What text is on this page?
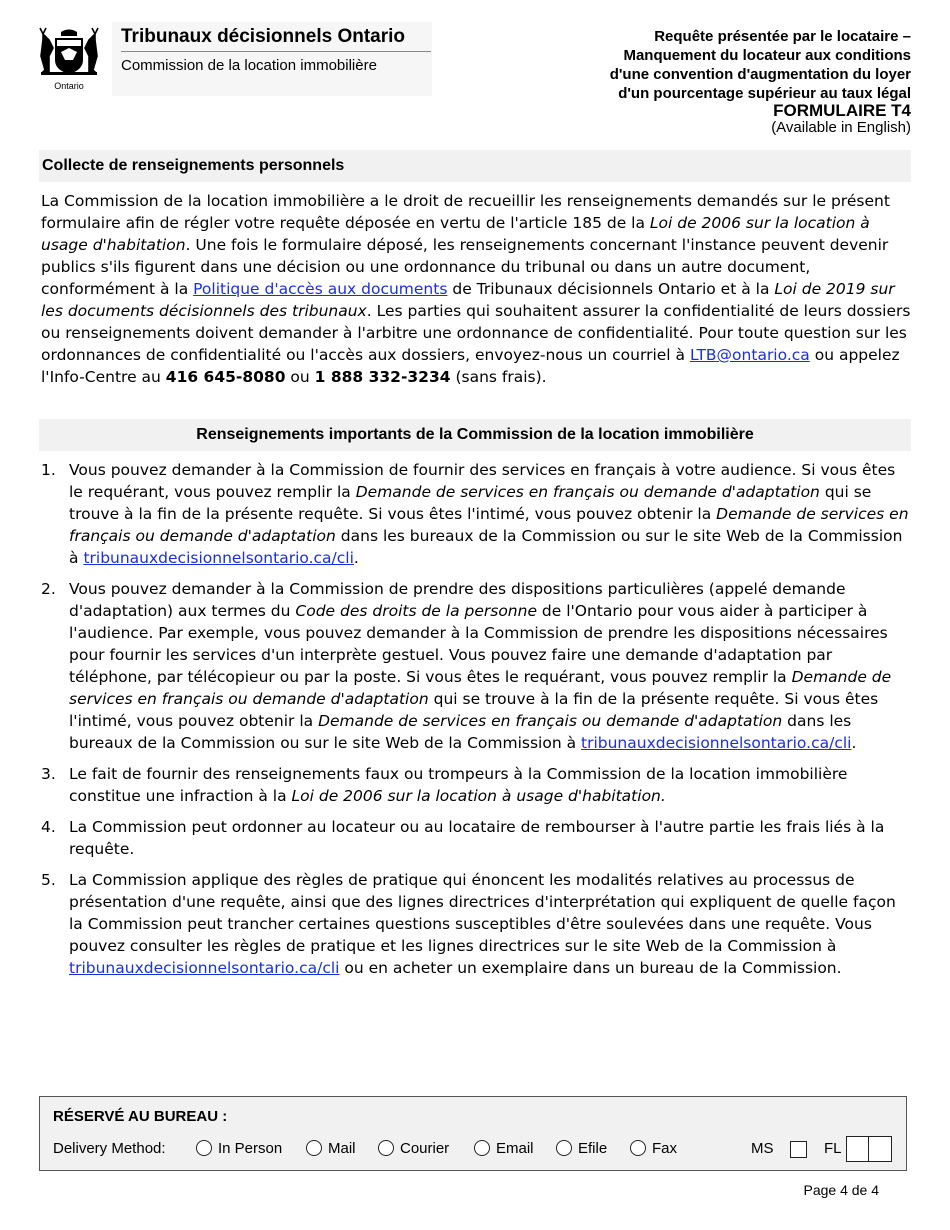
Ontario
Tribunaux décisionnels Ontario
Commission de la location immobilière
Requête présentée par le locataire –
Manquement du locateur aux conditions
d'une convention d'augmentation du loyer
d'un pourcentage supérieur au taux légal
FORMULAIRE T4
(Available in English)
Collecte de renseignements personnels
La Commission de la location immobilière a le droit de recueillir les renseignements demandés sur le présent formulaire afin de régler votre requête déposée en vertu de l'article 185 de la Loi de 2006 sur la location à usage d'habitation. Une fois le formulaire déposé, les renseignements concernant l'instance peuvent devenir publics s'ils figurent dans une décision ou une ordonnance du tribunal ou dans un autre document, conformément à la Politique d'accès aux documents de Tribunaux décisionnels Ontario et à la Loi de 2019 sur les documents décisionnels des tribunaux. Les parties qui souhaitent assurer la confidentialité de leurs dossiers ou renseignements doivent demander à l'arbitre une ordonnance de confidentialité. Pour toute question sur les ordonnances de confidentialité ou l'accès aux dossiers, envoyez-nous un courriel à LTB@ontario.ca ou appelez l'Info-Centre au 416 645-8080 ou 1 888 332-3234 (sans frais).
Renseignements importants de la Commission de la location immobilière
1. Vous pouvez demander à la Commission de fournir des services en français à votre audience. Si vous êtes le requérant, vous pouvez remplir la Demande de services en français ou demande d'adaptation qui se trouve à la fin de la présente requête. Si vous êtes l'intimé, vous pouvez obtenir la Demande de services en français ou demande d'adaptation dans les bureaux de la Commission ou sur le site Web de la Commission à tribunauxdecisionnelsontario.ca/cli.
2. Vous pouvez demander à la Commission de prendre des dispositions particulières (appelé demande d'adaptation) aux termes du Code des droits de la personne de l'Ontario pour vous aider à participer à l'audience. Par exemple, vous pouvez demander à la Commission de prendre les dispositions nécessaires pour fournir les services d'un interprète gestuel. Vous pouvez faire une demande d'adaptation par téléphone, par télécopieur ou par la poste. Si vous êtes le requérant, vous pouvez remplir la Demande de services en français ou demande d'adaptation qui se trouve à la fin de la présente requête. Si vous êtes l'intimé, vous pouvez obtenir la Demande de services en français ou demande d'adaptation dans les bureaux de la Commission ou sur le site Web de la Commission à tribunauxdecisionnelsontario.ca/cli.
3. Le fait de fournir des renseignements faux ou trompeurs à la Commission de la location immobilière constitue une infraction à la Loi de 2006 sur la location à usage d'habitation.
4. La Commission peut ordonner au locateur ou au locataire de rembourser à l'autre partie les frais liés à la requête.
5. La Commission applique des règles de pratique qui énoncent les modalités relatives au processus de présentation d'une requête, ainsi que des lignes directrices d'interprétation qui expliquent de quelle façon la Commission peut trancher certaines questions susceptibles d'être soulevées dans une requête. Vous pouvez consulter les règles de pratique et les lignes directrices sur le site Web de la Commission à tribunauxdecisionnelsontario.ca/cli ou en acheter un exemplaire dans un bureau de la Commission.
RÉSERVÉ AU BUREAU :
Delivery Method:	In Person	Mail	Courier	Email	Efile	Fax	MS	FL
Page 4 de 4
